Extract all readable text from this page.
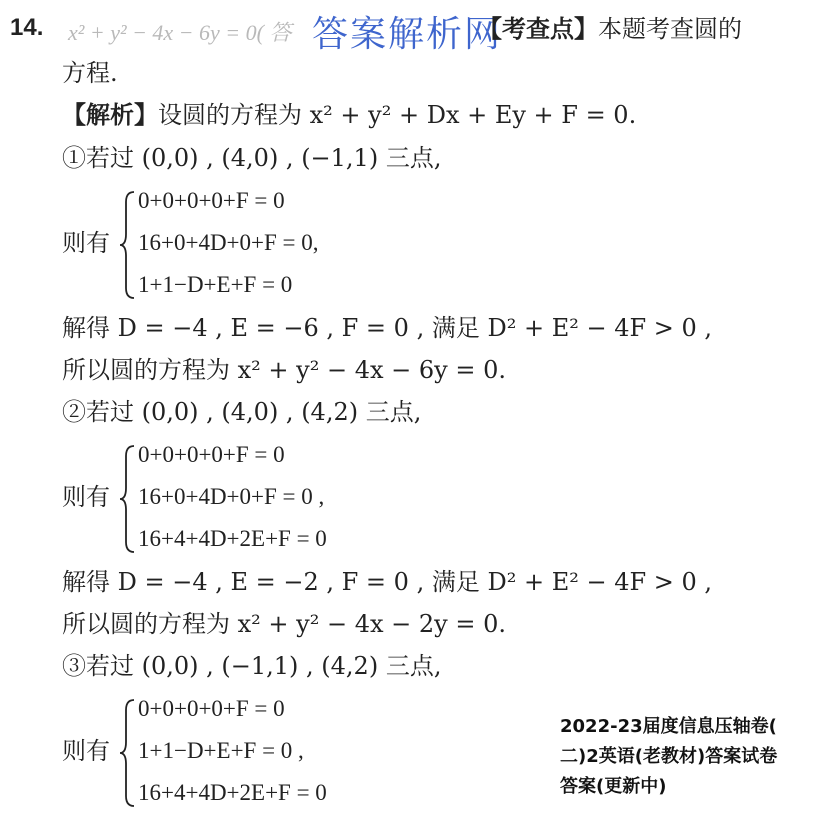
14. x² + y² − 4x − 6y = 0( 答 答案解析网
【考查点】本题考查圆的
方程.
【解析】设圆的方程为 x² + y² + Dx + Ey + F = 0.
①若过 (0,0) , (4,0) , (−1,1) 三点,
则有
0+0+0+0+F = 0
16+0+4D+0+F = 0,
1+1−D+E+F = 0
解得 D = −4 , E = −6 , F = 0 , 满足 D² + E² − 4F > 0 ,
所以圆的方程为 x² + y² − 4x − 6y = 0.
②若过 (0,0) , (4,0) , (4,2) 三点,
则有
0+0+0+0+F = 0
16+0+4D+0+F = 0 ,
16+4+4D+2E+F = 0
解得 D = −4 , E = −2 , F = 0 , 满足 D² + E² − 4F > 0 ,
所以圆的方程为 x² + y² − 4x − 2y = 0.
③若过 (0,0) , (−1,1) , (4,2) 三点,
则有
0+0+0+0+F = 0
1+1−D+E+F = 0 ,
16+4+4D+2E+F = 0
2022-23届度信息压轴卷(
二)2英语(老教材)答案试卷
答案(更新中)
